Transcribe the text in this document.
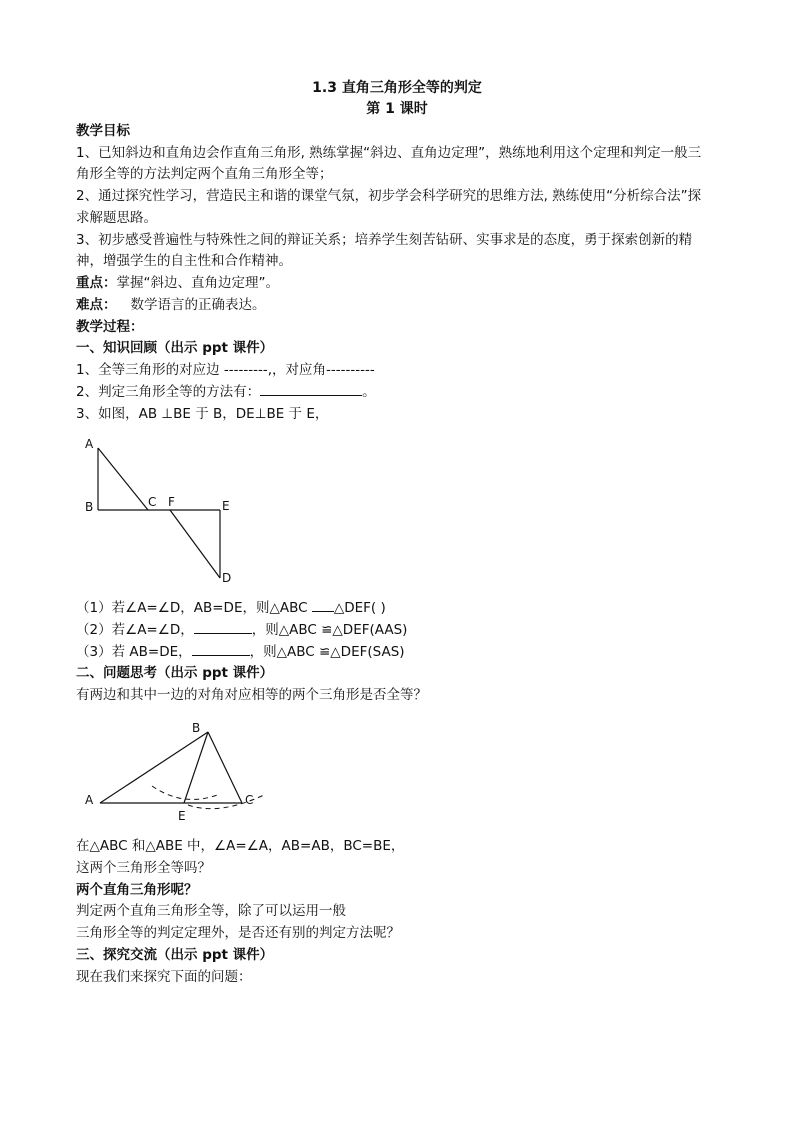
1.3 直角三角形全等的判定
第 1 课时
教学目标
1、已知斜边和直角边会作直角三角形, 熟练掌握“斜边、直角边定理”，熟练地利用这个定理和判定一般三
角形全等的方法判定两个直角三角形全等；
2、通过探究性学习，营造民主和谐的课堂气氛，初步学会科学研究的思维方法, 熟练使用“分析综合法”探
求解题思路。
3、初步感受普遍性与特殊性之间的辩证关系；培养学生刻苦钻研、实事求是的态度，勇于探索创新的精
神，增强学生的自主性和合作精神。
重点：掌握“斜边、直角边定理”。
难点： 数学语言的正确表达。
教学过程：
一、知识回顾（出示 ppt 课件）
1、全等三角形的对应边 ---------,，对应角----------
2、判定三角形全等的方法有：	。
3、如图，AB ⊥BE 于 B，DE⊥BE 于 E，
A
B	C F	E
D
（1）若∠A=∠D，AB=DE，则△ABC △DEF( )
（2）若∠A=∠D，	，则△ABC ≌△DEF(AAS)
（3）若 AB=DE，	，则△ABC ≌△DEF(SAS)
二、问题思考（出示 ppt 课件）
有两边和其中一边的对角对应相等的两个三角形是否全等？
A
B
C
E
在△ABC 和△ABE 中，∠A=∠A，AB=AB，BC=BE，
这两个三角形全等吗？
两个直角三角形呢？
判定两个直角三角形全等，除了可以运用一般
三角形全等的判定定理外，是否还有别的判定方法呢？
三、探究交流（出示 ppt 课件）
现在我们来探究下面的问题：
